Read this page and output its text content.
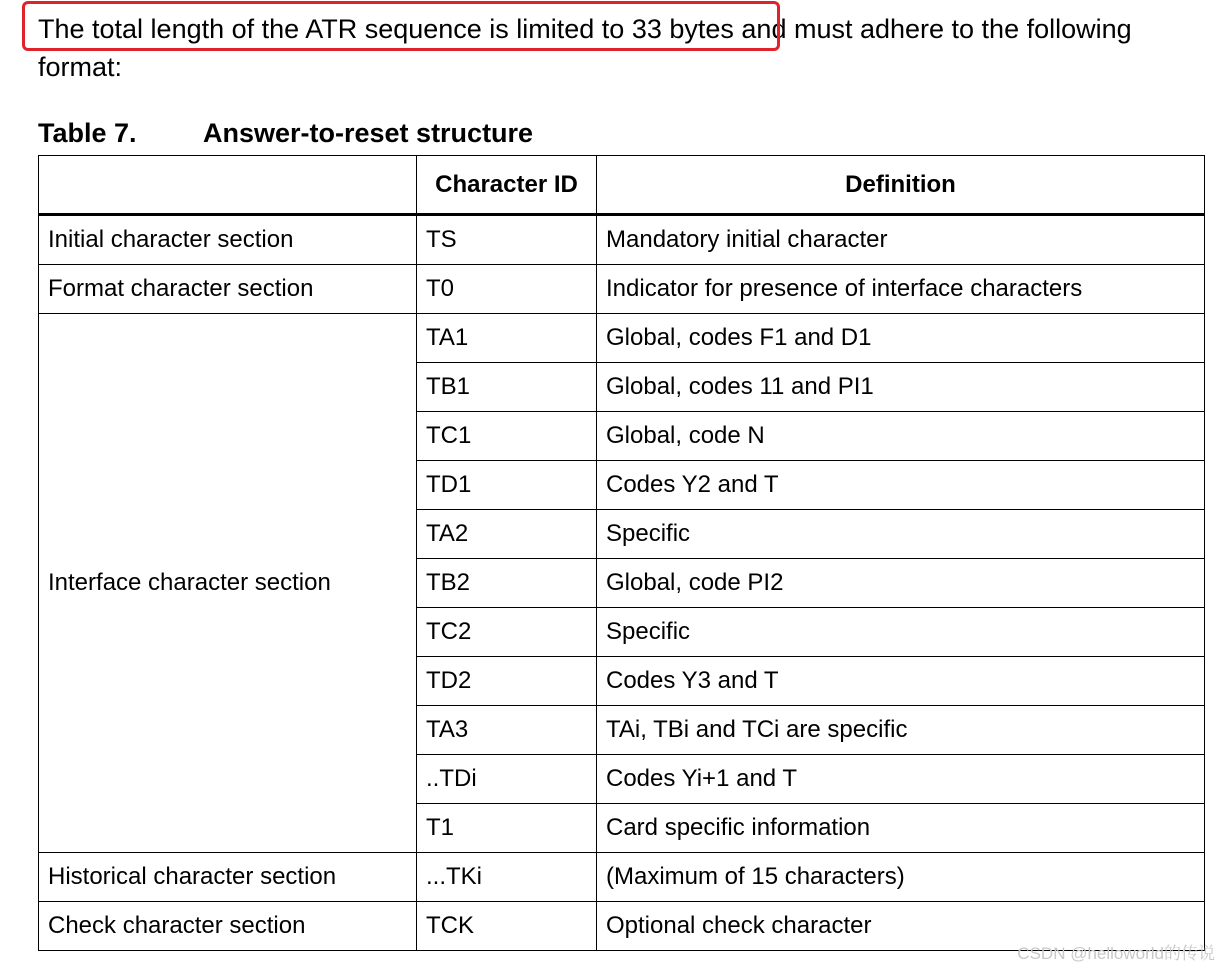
The total length of the ATR sequence is limited to 33 bytes and must adhere to the following format:

Table 7. Answer-to-reset structure
	Character ID	Definition
Initial character section	TS	Mandatory initial character
Format character section	T0	Indicator for presence of interface characters
Interface character section	TA1	Global, codes F1 and D1
	TB1	Global, codes 11 and PI1
	TC1	Global, code N
	TD1	Codes Y2 and T
	TA2	Specific
	TB2	Global, code PI2
	TC2	Specific
	TD2	Codes Y3 and T
	TA3	TAi, TBi and TCi are specific
	..TDi	Codes Yi+1 and T
	T1	Card specific information
Historical character section	...TKi	(Maximum of 15 characters)
Check character section	TCK	Optional check character
CSDN @helloworld的传说
